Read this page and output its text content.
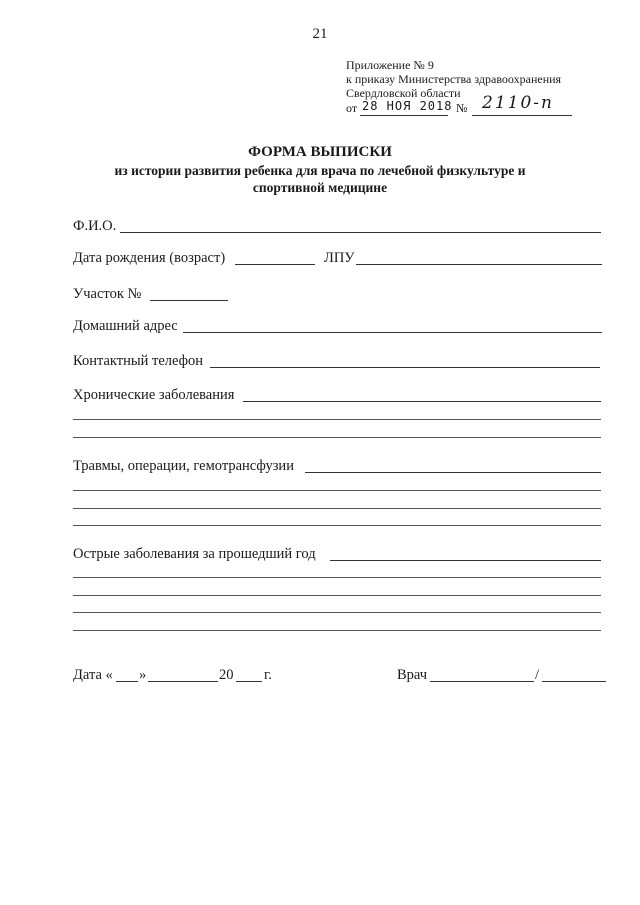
21
Приложение № 9
к приказу Министерства здравоохранения
Свердловской области
от 28 НОЯ 2018 № 2110-п
ФОРМА ВЫПИСКИ
из истории развития ребенка для врача по лечебной физкультуре и
спортивной медицине
Ф.И.О.
Дата рождения (возраст)	ЛПУ
Участок №
Домашний адрес
Контактный телефон
Хронические заболевания
Травмы, операции, гемотрансфузии
Острые заболевания за прошедший год
Дата « »	20 г.	Врач	/
